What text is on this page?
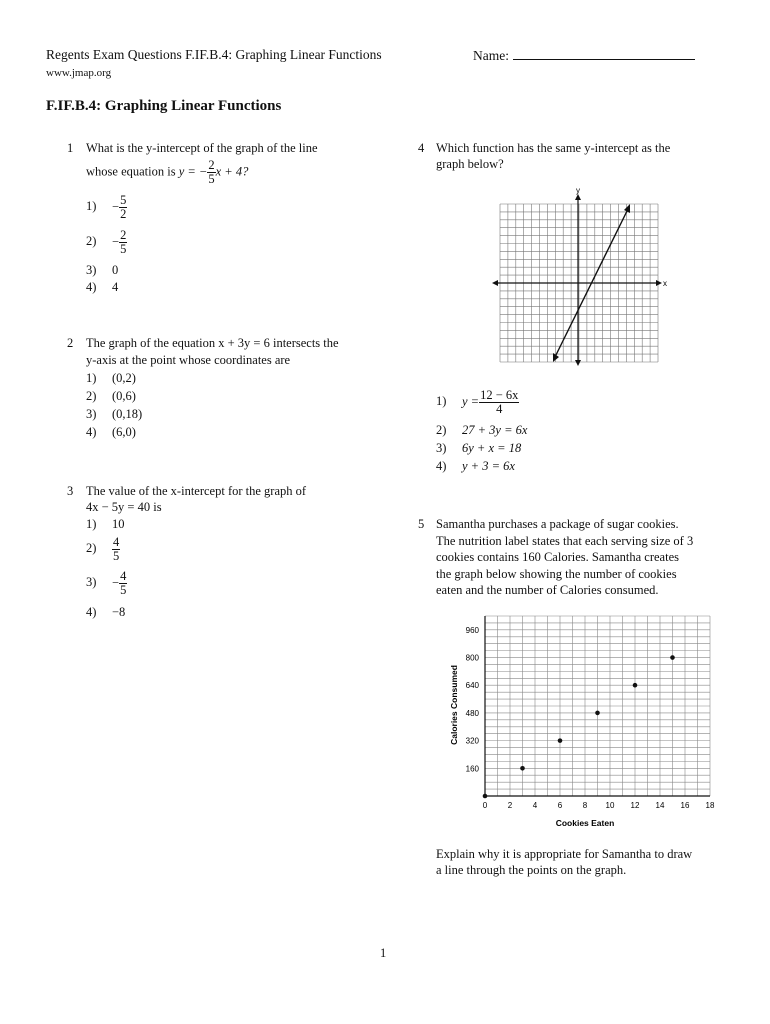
Regents Exam Questions F.IF.B.4: Graphing Linear Functions
www.jmap.org
Name:
F.IF.B.4: Graphing Linear Functions
1 What is the y-intercept of the graph of the line
whose equation is y = − $\frac{2}{5}$ x + 4?
$1) - \frac{5}{2}$
$2) - \frac{2}{5}$
3) 0
4) 4
2 The graph of the equation x + 3y = 6 intersects the
y-axis at the point whose coordinates are
1) (0,2)
2) (0,6)
3) (0,18)
4) (6,0)
3 The value of the x-intercept for the graph of
4x − 5y = 40 is
1) 10
$2) \frac{4}{5}$
$3) - \frac{4}{5}$
4) −8
4 Which function has the same y-intercept as the
graph below?
x
y
1) $y = \frac{12 - 6x}{4}$
2) 27 + 3y = 6x
3) 6y + x = 18
4) y + 3 = 6x
5 Samantha purchases a package of sugar cookies.
The nutrition label states that each serving size of 3
cookies contains 160 Calories. Samantha creates
the graph below showing the number of cookies
eaten and the number of Calories consumed.
0	2	4	6	8 10 12 14 16 18
160
320
480
640
800
960
Cookies Eaten
Calories Consumed
Explain why it is appropriate for Samantha to draw
a line through the points on the graph.
1
